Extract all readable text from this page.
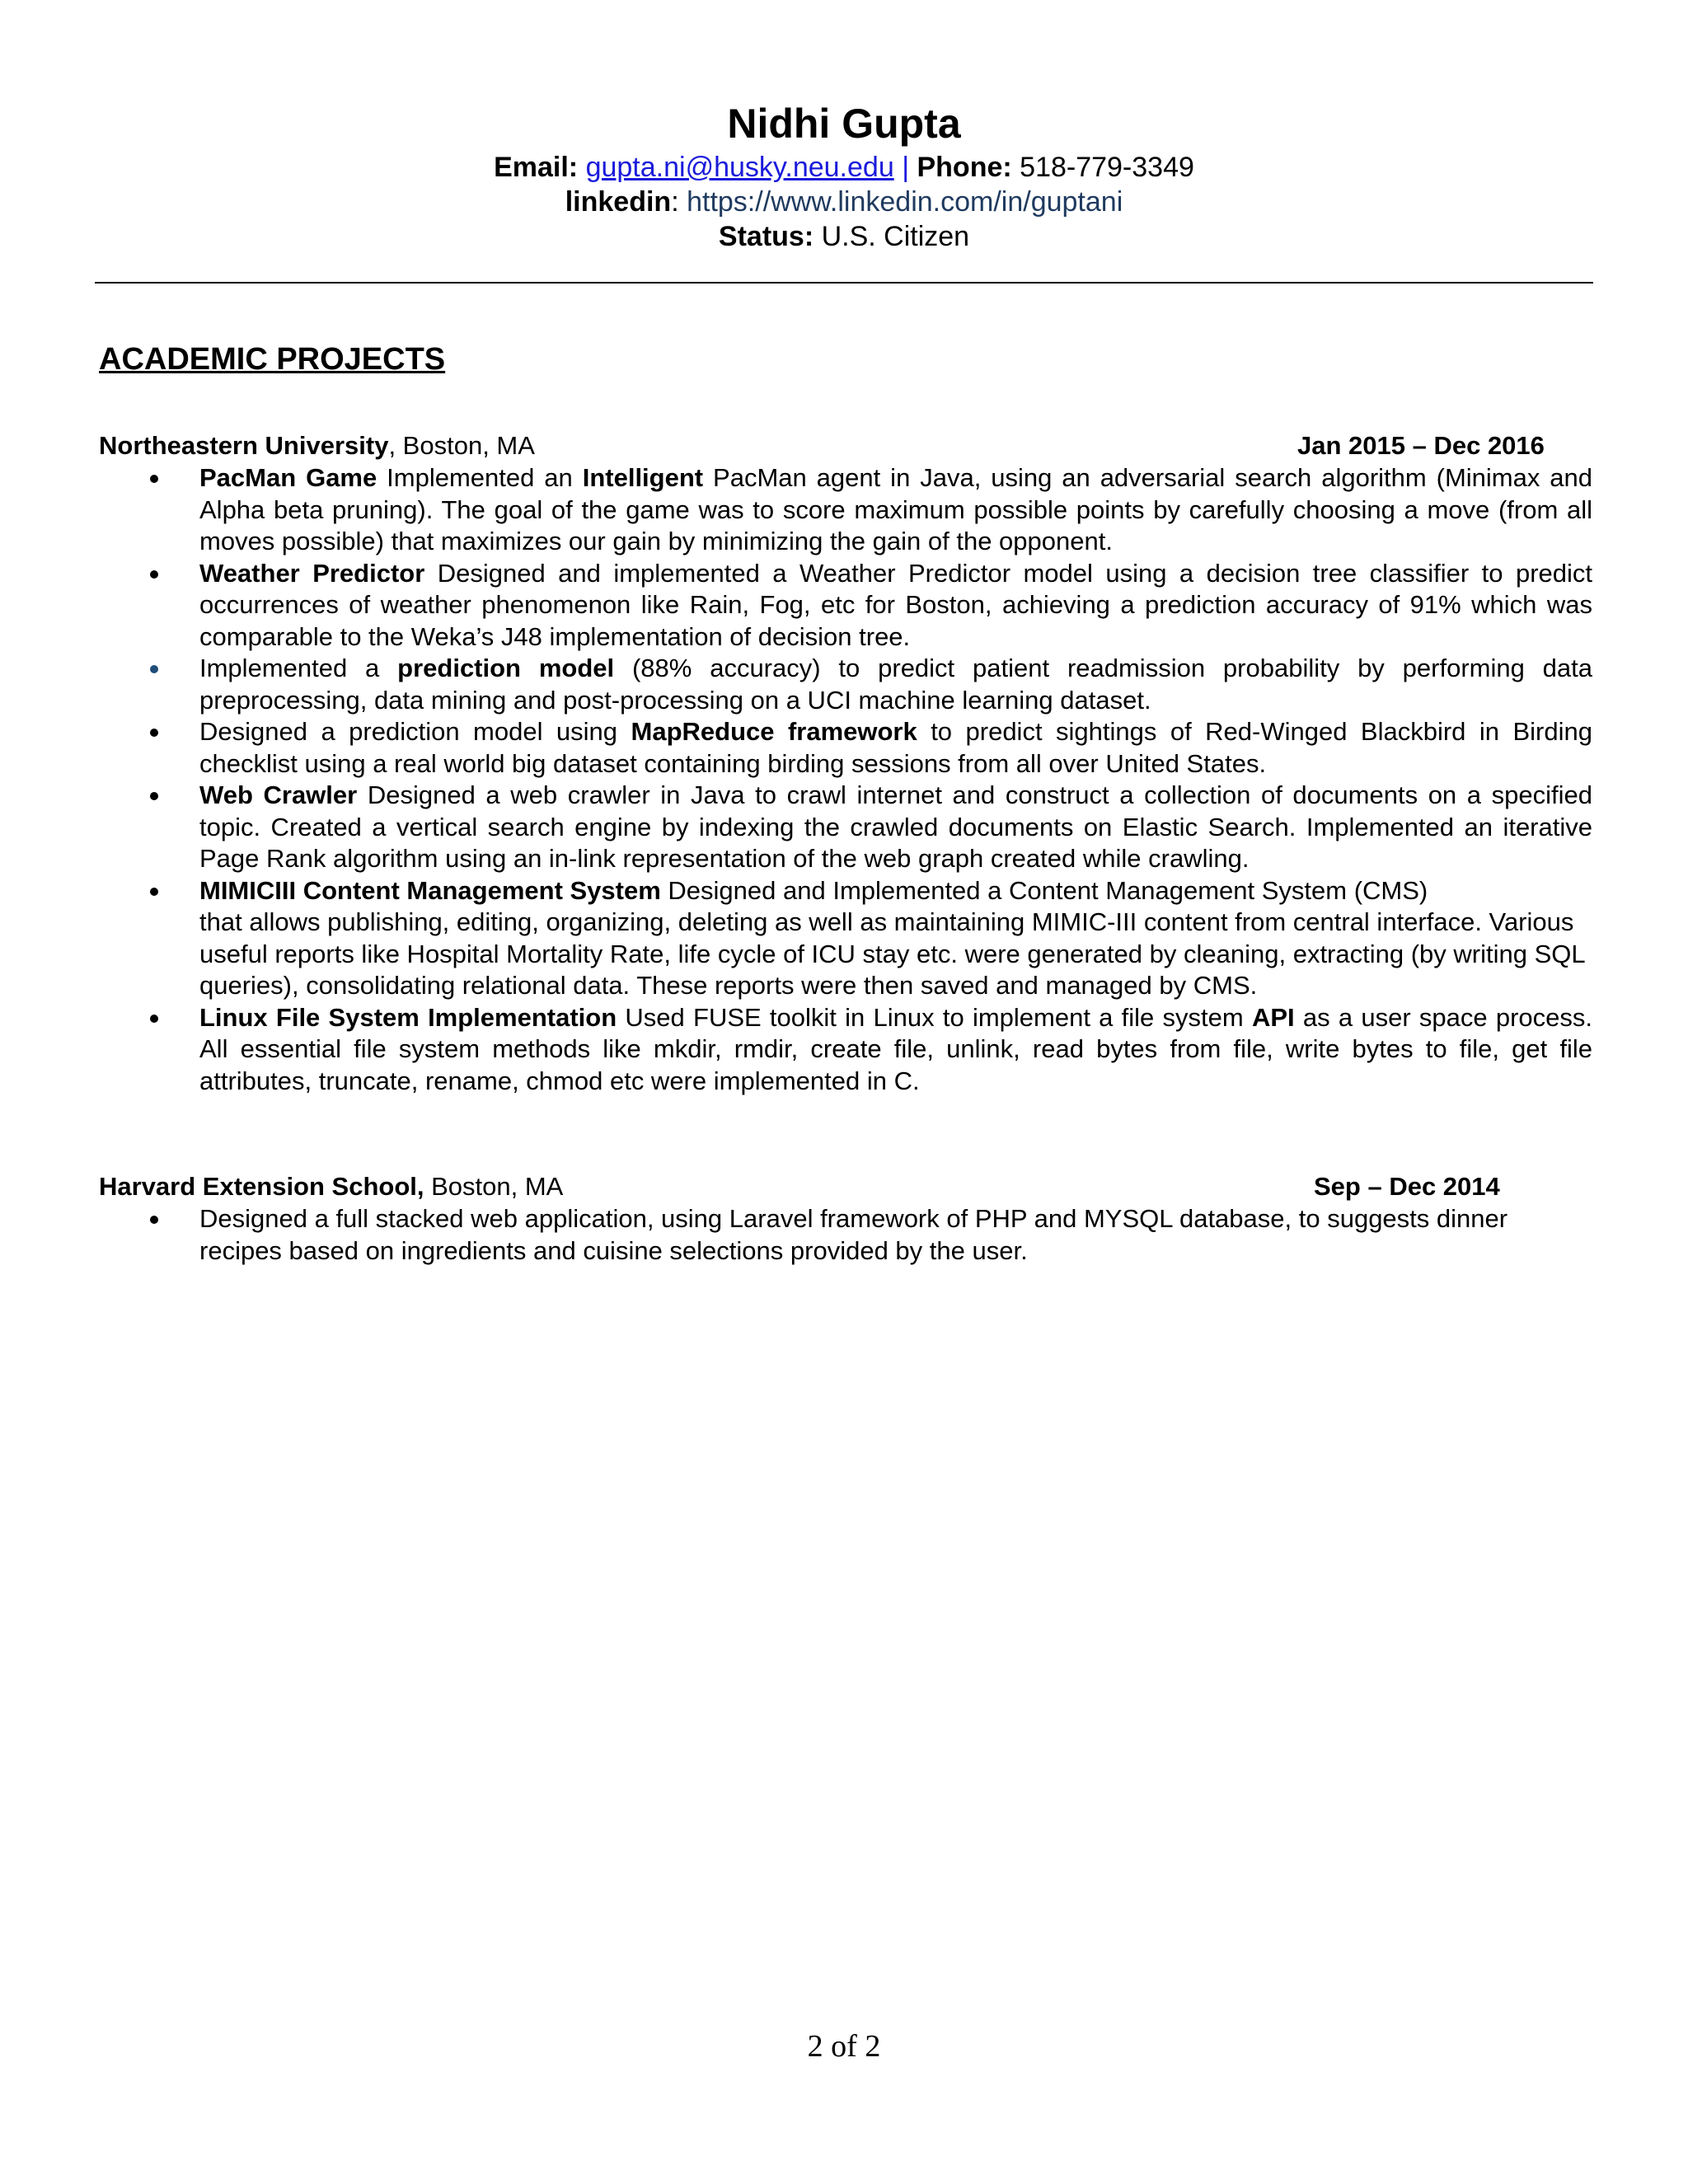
Nidhi Gupta

Email: gupta.ni@husky.neu.edu | Phone: 518-779-3349

linkedin: https://www.linkedin.com/in/guptani

Status: U.S. Citizen

ACADEMIC PROJECTS

Northeastern University, Boston, MA	Jan 2015 – Dec 2016
PacMan Game Implemented an Intelligent PacMan agent in Java, using an adversarial search algorithm (Minimax and Alpha beta pruning). The goal of the game was to score maximum possible points by carefully choosing a move (from all moves possible) that maximizes our gain by minimizing the gain of the opponent.
Weather Predictor Designed and implemented a Weather Predictor model using a decision tree classifier to predict occurrences of weather phenomenon like Rain, Fog, etc for Boston, achieving a prediction accuracy of 91% which was comparable to the Weka’s J48 implementation of decision tree.
Implemented a prediction model (88% accuracy) to predict patient readmission probability by performing data preprocessing, data mining and post-processing on a UCI machine learning dataset.
Designed a prediction model using MapReduce framework to predict sightings of Red-Winged Blackbird in Birding checklist using a real world big dataset containing birding sessions from all over United States.
Web Crawler Designed a web crawler in Java to crawl internet and construct a collection of documents on a specified topic. Created a vertical search engine by indexing the crawled documents on Elastic Search. Implemented an iterative Page Rank algorithm using an in-link representation of the web graph created while crawling.
MIMICIII Content Management System Designed and Implemented a Content Management System (CMS)
that allows publishing, editing, organizing, deleting as well as maintaining MIMIC-III content from central interface. Various useful reports like Hospital Mortality Rate, life cycle of ICU stay etc. were generated by cleaning, extracting (by writing SQL queries), consolidating relational data. These reports were then saved and managed by CMS.
Linux File System Implementation Used FUSE toolkit in Linux to implement a file system API as a user space process. All essential file system methods like mkdir, rmdir, create file, unlink, read bytes from file, write bytes to file, get file attributes, truncate, rename, chmod etc were implemented in C.
Harvard Extension School, Boston, MA	Sep – Dec 2014
Designed a full stacked web application, using Laravel framework of PHP and MYSQL database, to suggests dinner recipes based on ingredients and cuisine selections provided by the user.
2 of 2
